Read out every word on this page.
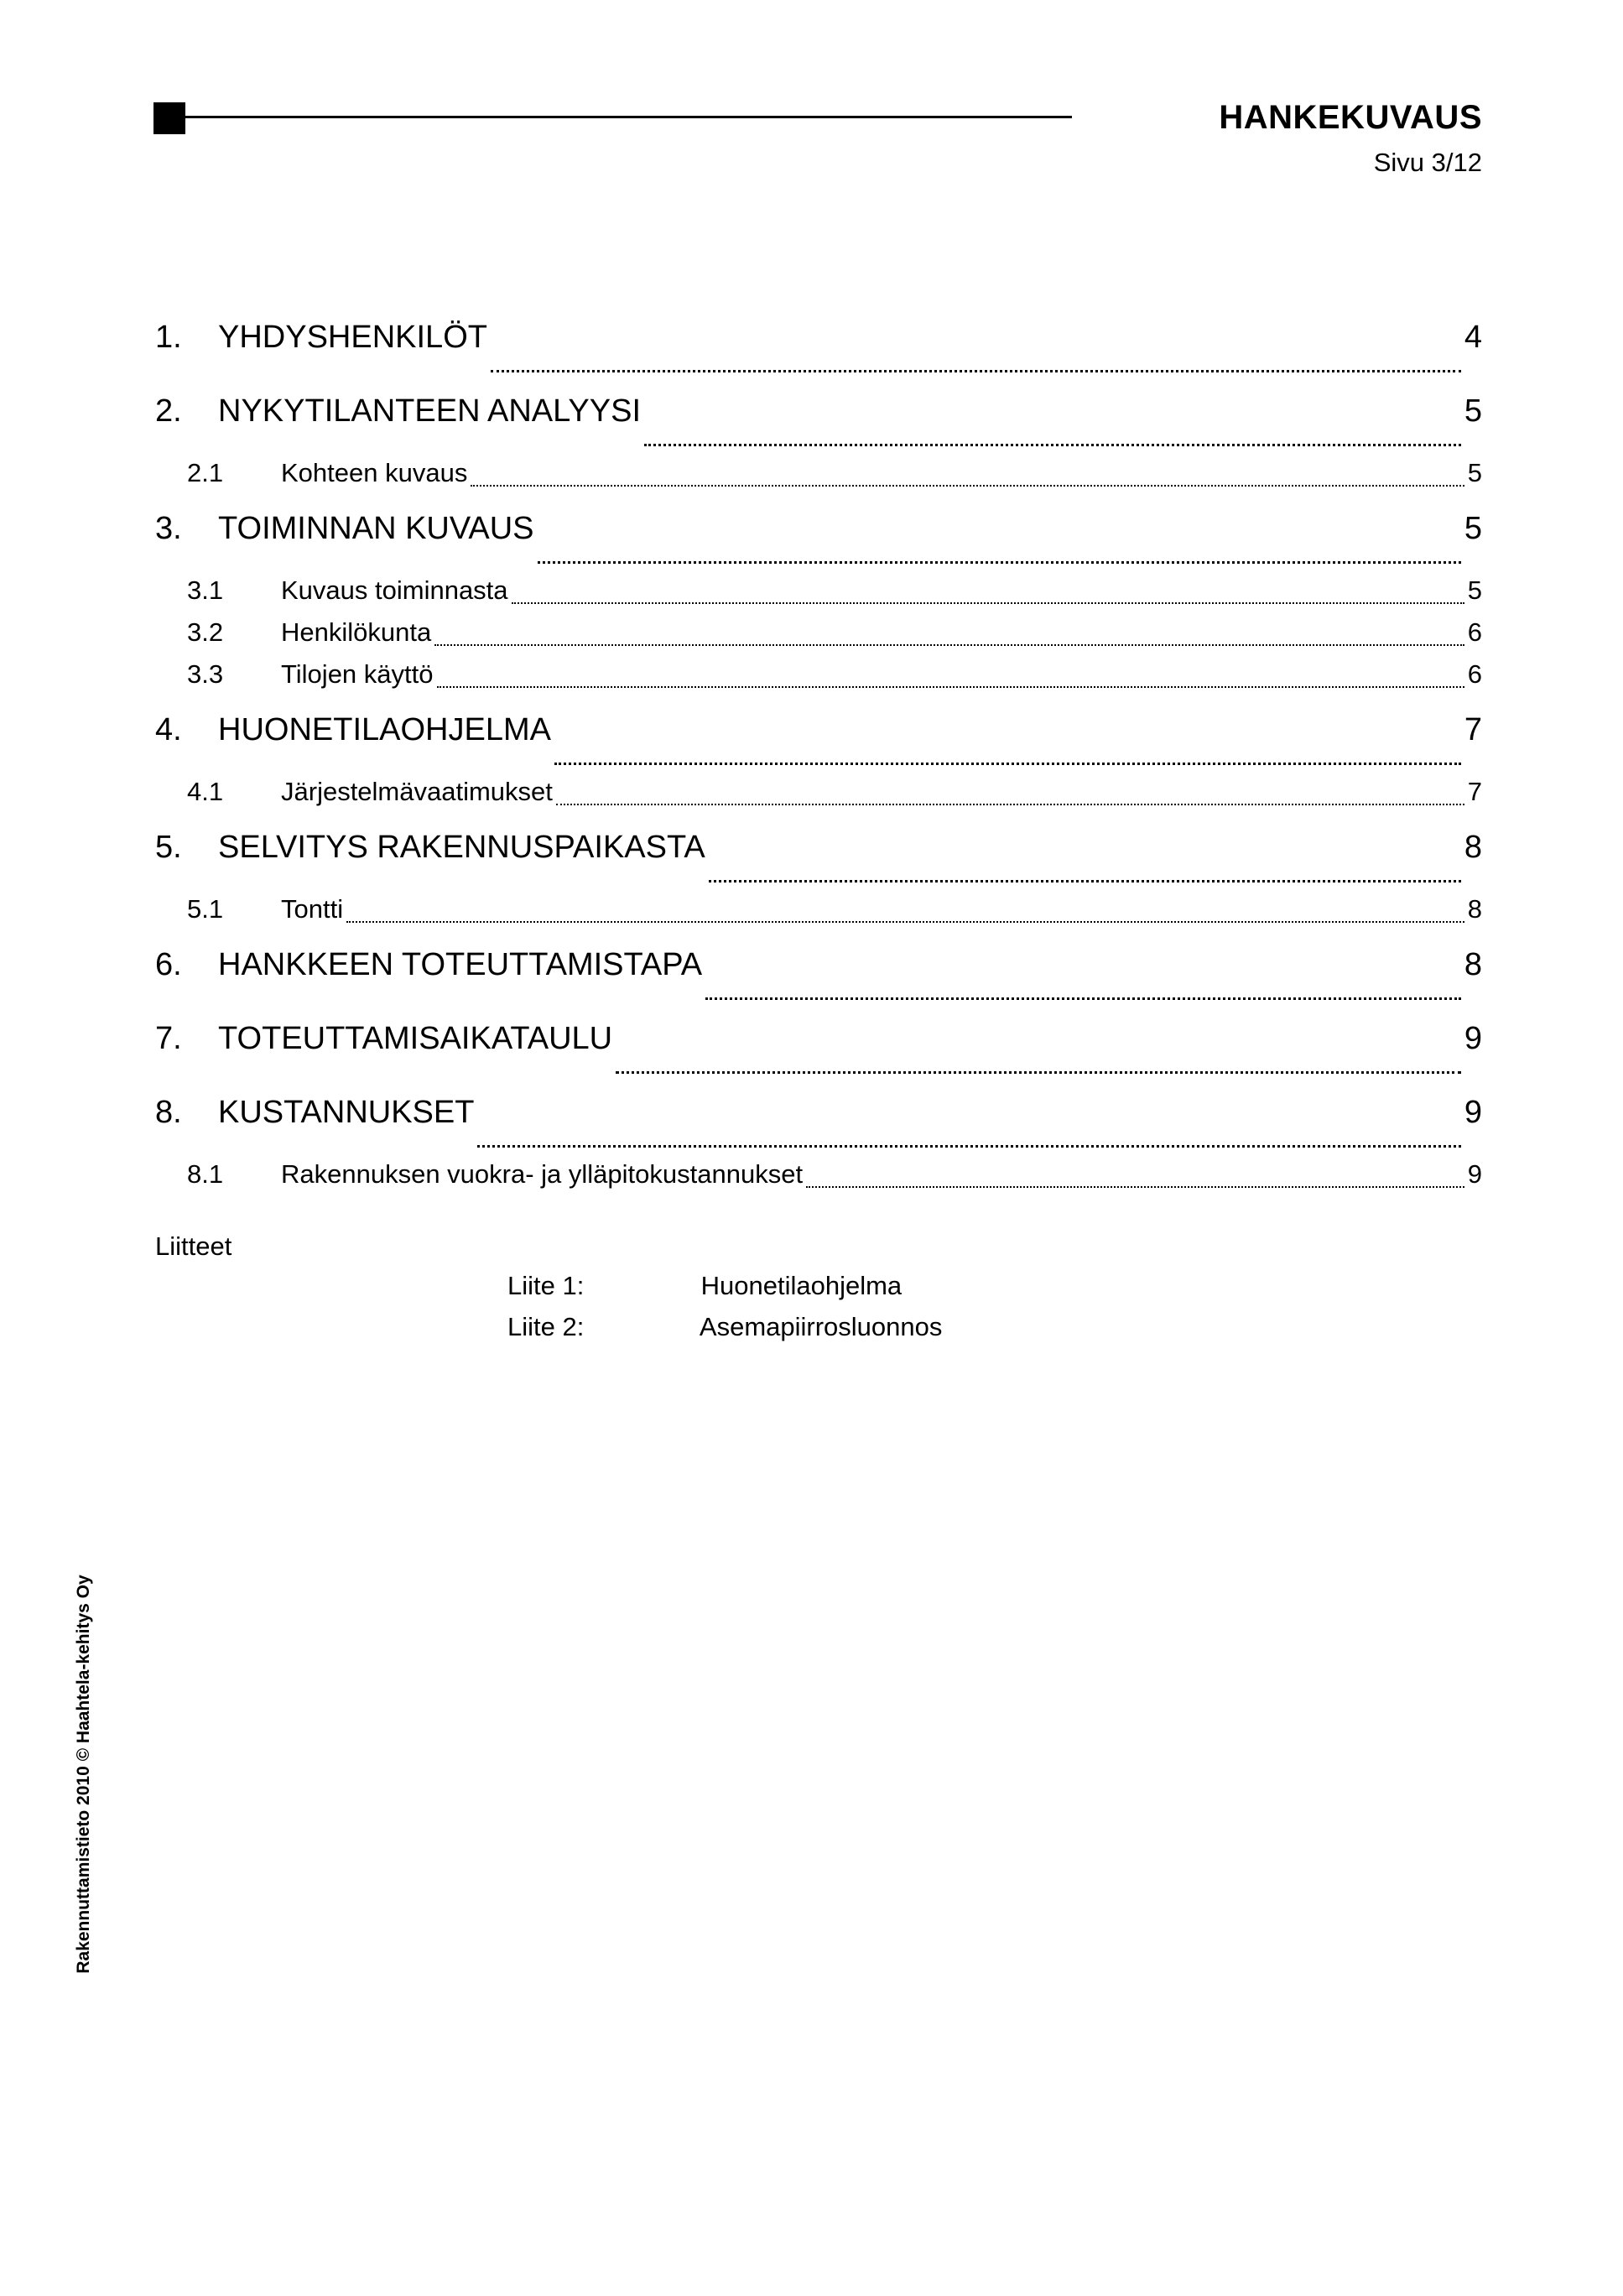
HANKEKUVAUS
Sivu 3/12
1.	YHDYSHENKILÖT	4
2.	NYKYTILANTEEN ANALYYSI	5
2.1	Kohteen kuvaus	5
3.	TOIMINNAN KUVAUS	5
3.1	Kuvaus toiminnasta	5
3.2	Henkilökunta	6
3.3	Tilojen käyttö	6
4.	HUONETILAOHJELMA	7
4.1	Järjestelmävaatimukset	7
5.	SELVITYS RAKENNUSPAIKASTA	8
5.1	Tontti	8
6.	HANKKEEN TOTEUTTAMISTAPA	8
7.	TOTEUTTAMISAIKATAULU	9
8.	KUSTANNUKSET	9
8.1	Rakennuksen vuokra- ja ylläpitokustannukset	9
Liitteet
Liite 1:	Huonetilaohjelma
Liite 2:	Asemapiirrosluonnos
Rakennuttamistieto 2010 © Haahtela-kehitys Oy
